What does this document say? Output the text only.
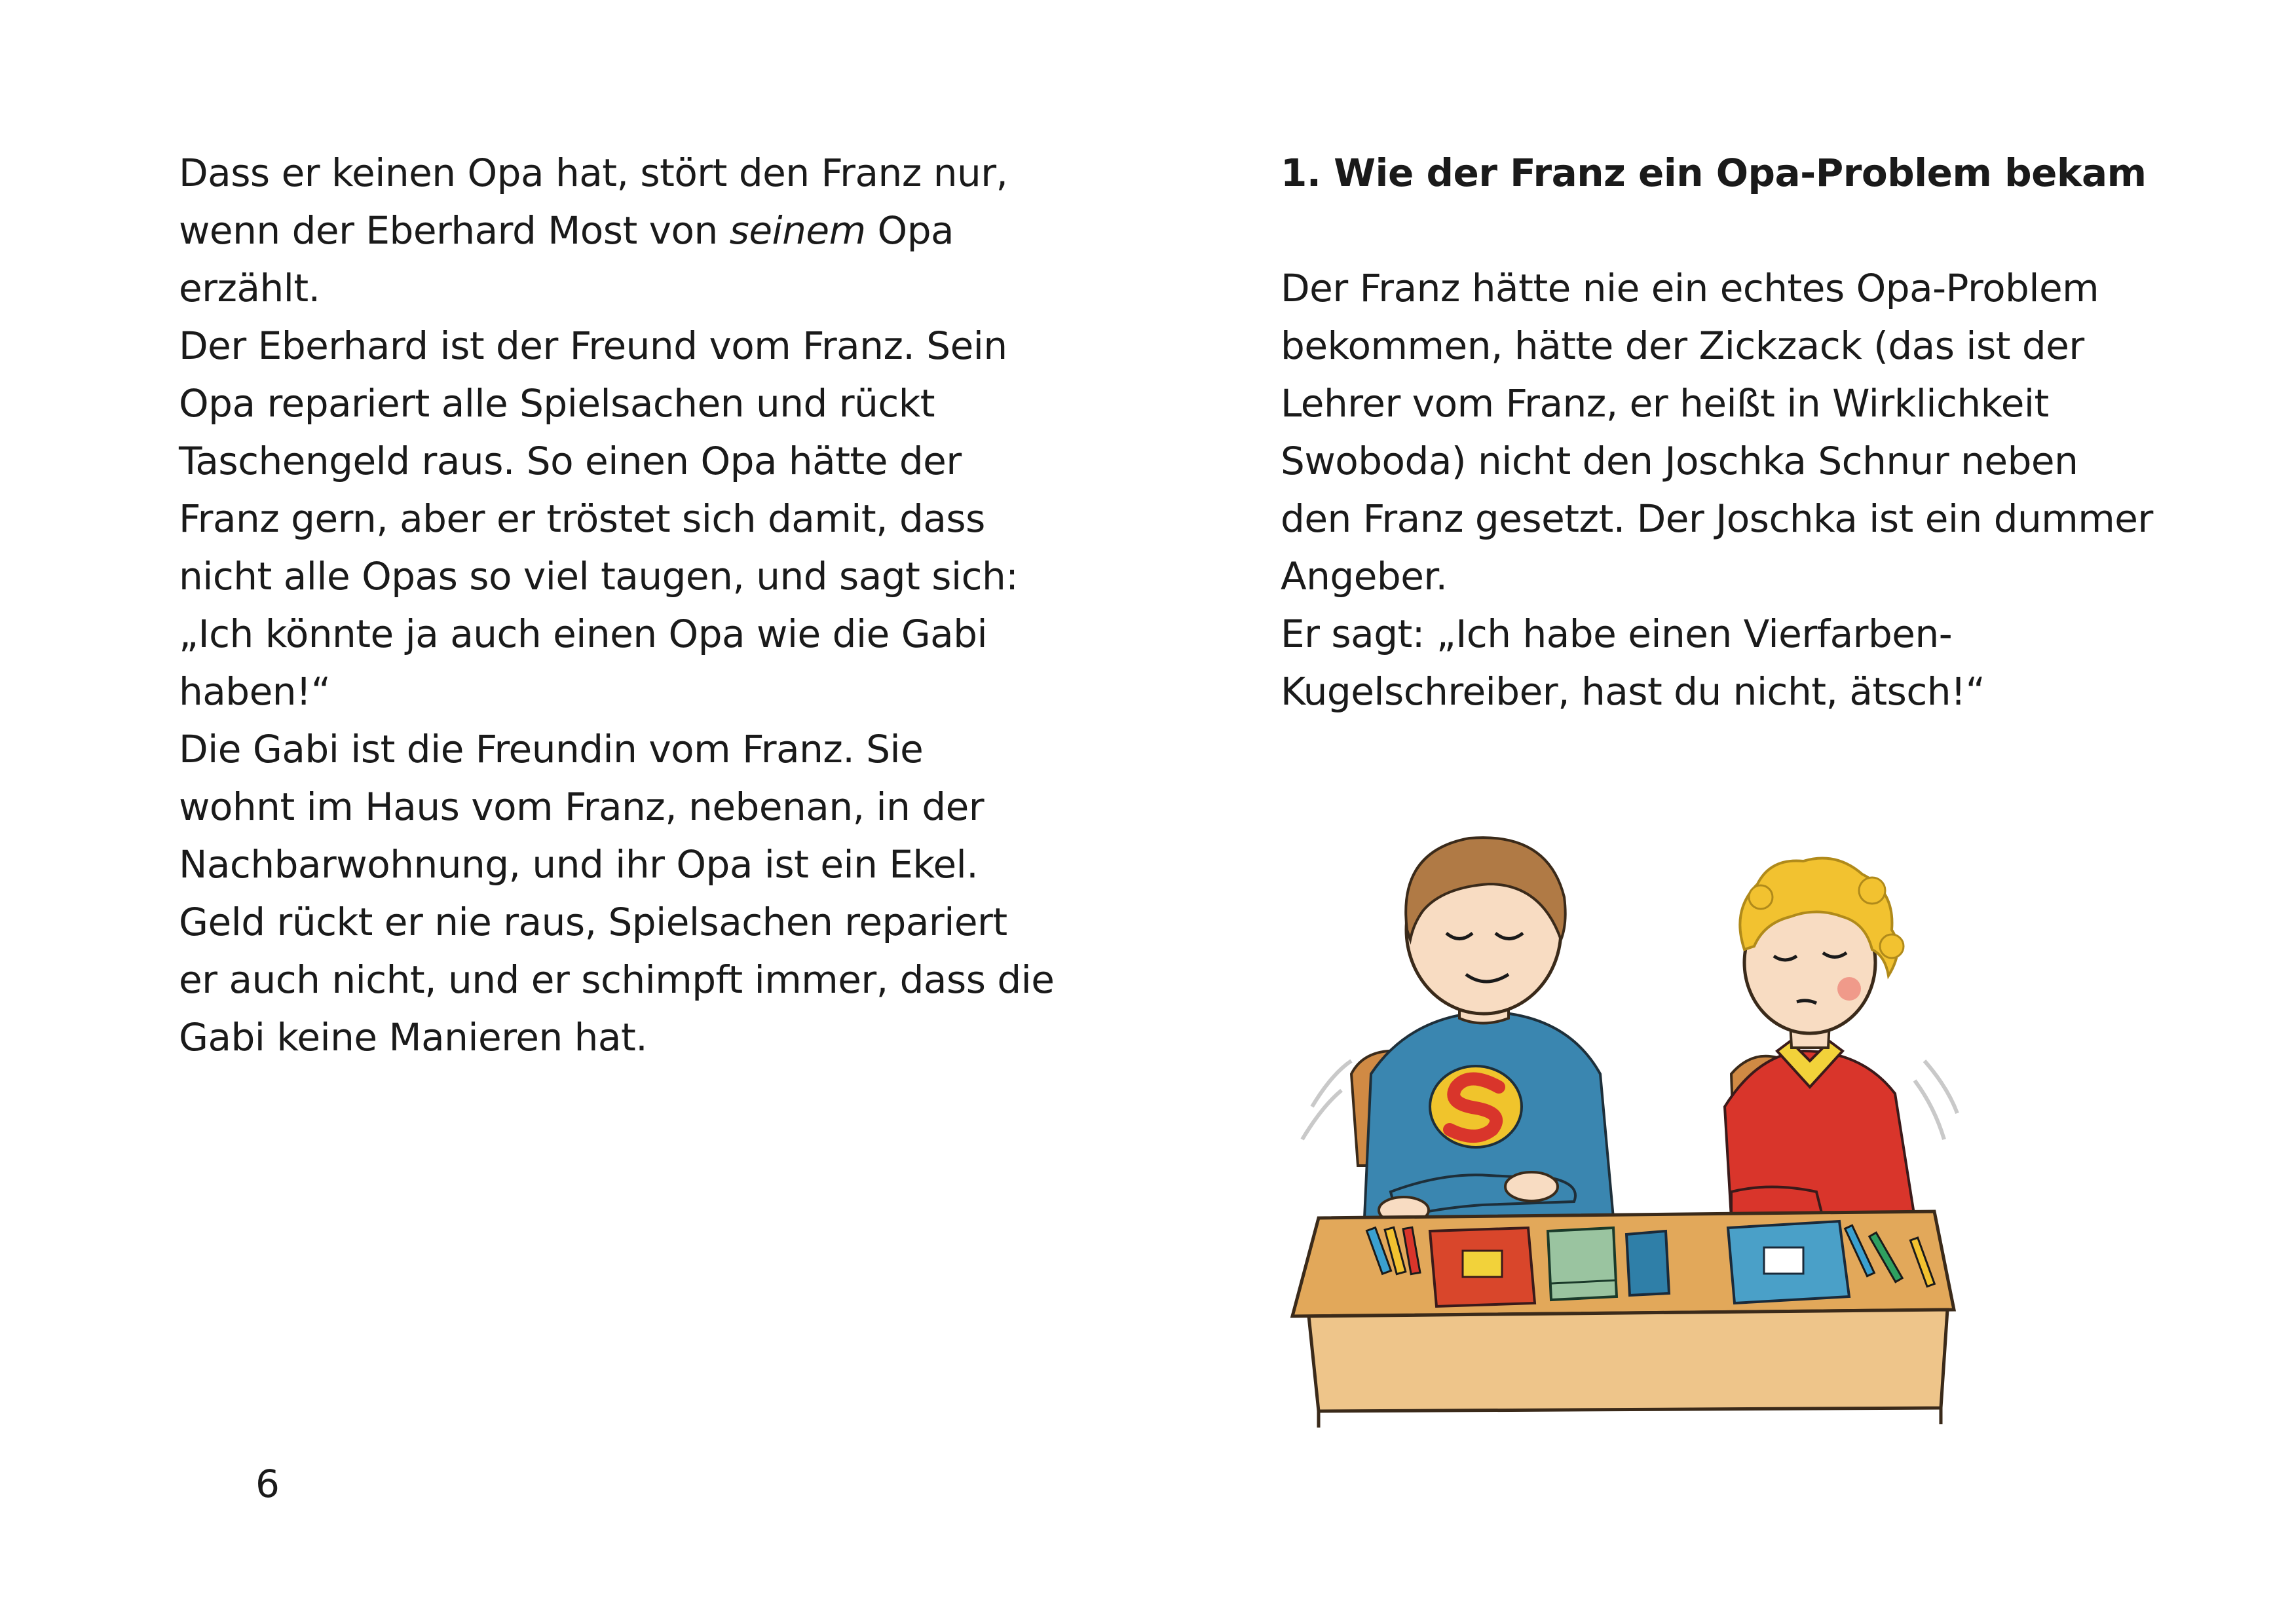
Dass er keinen Opa hat, stört den Franz nur,
wenn der Eberhard Most von seinem Opa
erzählt.
Der Eberhard ist der Freund vom Franz. Sein
Opa repariert alle Spielsachen und rückt
Taschengeld raus. So einen Opa hätte der
Franz gern, aber er tröstet sich damit, dass
nicht alle Opas so viel taugen, und sagt sich:
„Ich könnte ja auch einen Opa wie die Gabi
haben!“
Die Gabi ist die Freundin vom Franz. Sie
wohnt im Haus vom Franz, nebenan, in der
Nachbarwohnung, und ihr Opa ist ein Ekel.
Geld rückt er nie raus, Spielsachen repariert
er auch nicht, und er schimpft immer, dass die
Gabi keine Manieren hat.
6
1. Wie der Franz ein Opa-Problem bekam
Der Franz hätte nie ein echtes Opa-Problem
bekommen, hätte der Zickzack (das ist der
Lehrer vom Franz, er heißt in Wirklichkeit
Swoboda) nicht den Joschka Schnur neben
den Franz gesetzt. Der Joschka ist ein dummer
Angeber.
Er sagt: „Ich habe einen Vierfarben-
Kugelschreiber, hast du nicht, ätsch!“
